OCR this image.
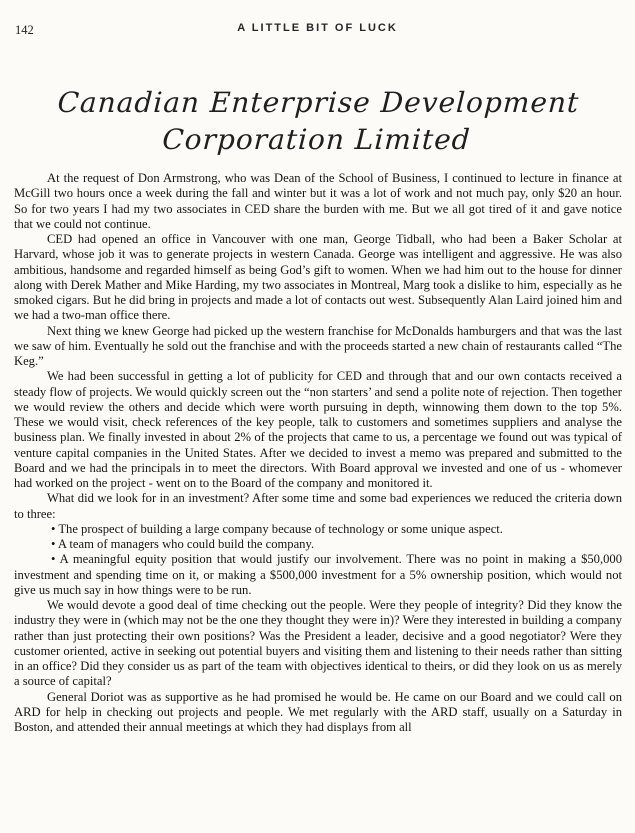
142	A LITTLE BIT OF LUCK
Canadian Enterprise Development
Corporation Limited

At the request of Don Armstrong, who was Dean of the School of Business, I continued to lecture in finance at McGill two hours once a week during the fall and winter but it was a lot of work and not much pay, only $20 an hour. So for two years I had my two associates in CED share the burden with me. But we all got tired of it and gave notice that we could not continue.

CED had opened an office in Vancouver with one man, George Tidball, who had been a Baker Scholar at Harvard, whose job it was to generate projects in western Canada. George was intelligent and aggressive. He was also ambitious, handsome and regarded himself as being God’s gift to women. When we had him out to the house for dinner along with Derek Mather and Mike Harding, my two associates in Montreal, Marg took a dislike to him, especially as he smoked cigars. But he did bring in projects and made a lot of contacts out west. Subsequently Alan Laird joined him and we had a two-man office there.

Next thing we knew George had picked up the western franchise for McDonalds hamburgers and that was the last we saw of him. Eventually he sold out the franchise and with the proceeds started a new chain of restaurants called “The Keg.”

We had been successful in getting a lot of publicity for CED and through that and our own contacts received a steady flow of projects. We would quickly screen out the “non starters’ and send a polite note of rejection. Then together we would review the others and decide which were worth pursuing in depth, winnowing them down to the top 5%. These we would visit, check references of the key people, talk to customers and sometimes suppliers and analyse the business plan. We finally invested in about 2% of the projects that came to us, a percentage we found out was typical of venture capital companies in the United States. After we decided to invest a memo was prepared and submitted to the Board and we had the principals in to meet the directors. With Board approval we invested and one of us - whomever had worked on the project - went on to the Board of the company and monitored it.

What did we look for in an investment? After some time and some bad experiences we reduced the criteria down to three:

• The prospect of building a large company because of technology or some unique aspect.

• A team of managers who could build the company.

• A meaningful equity position that would justify our involvement. There was no point in making a $50,000 investment and spending time on it, or making a $500,000 investment for a 5% ownership position, which would not give us much say in how things were to be run.

We would devote a good deal of time checking out the people. Were they people of integrity? Did they know the industry they were in (which may not be the one they thought they were in)? Were they interested in building a company rather than just protecting their own positions? Was the President a leader, decisive and a good negotiator? Were they customer oriented, active in seeking out potential buyers and visiting them and listening to their needs rather than sitting in an office? Did they consider us as part of the team with objectives identical to theirs, or did they look on us as merely a source of capital?

General Doriot was as supportive as he had promised he would be. He came on our Board and we could call on ARD for help in checking out projects and people. We met regularly with the ARD staff, usually on a Saturday in Boston, and attended their annual meetings at which they had displays from all
